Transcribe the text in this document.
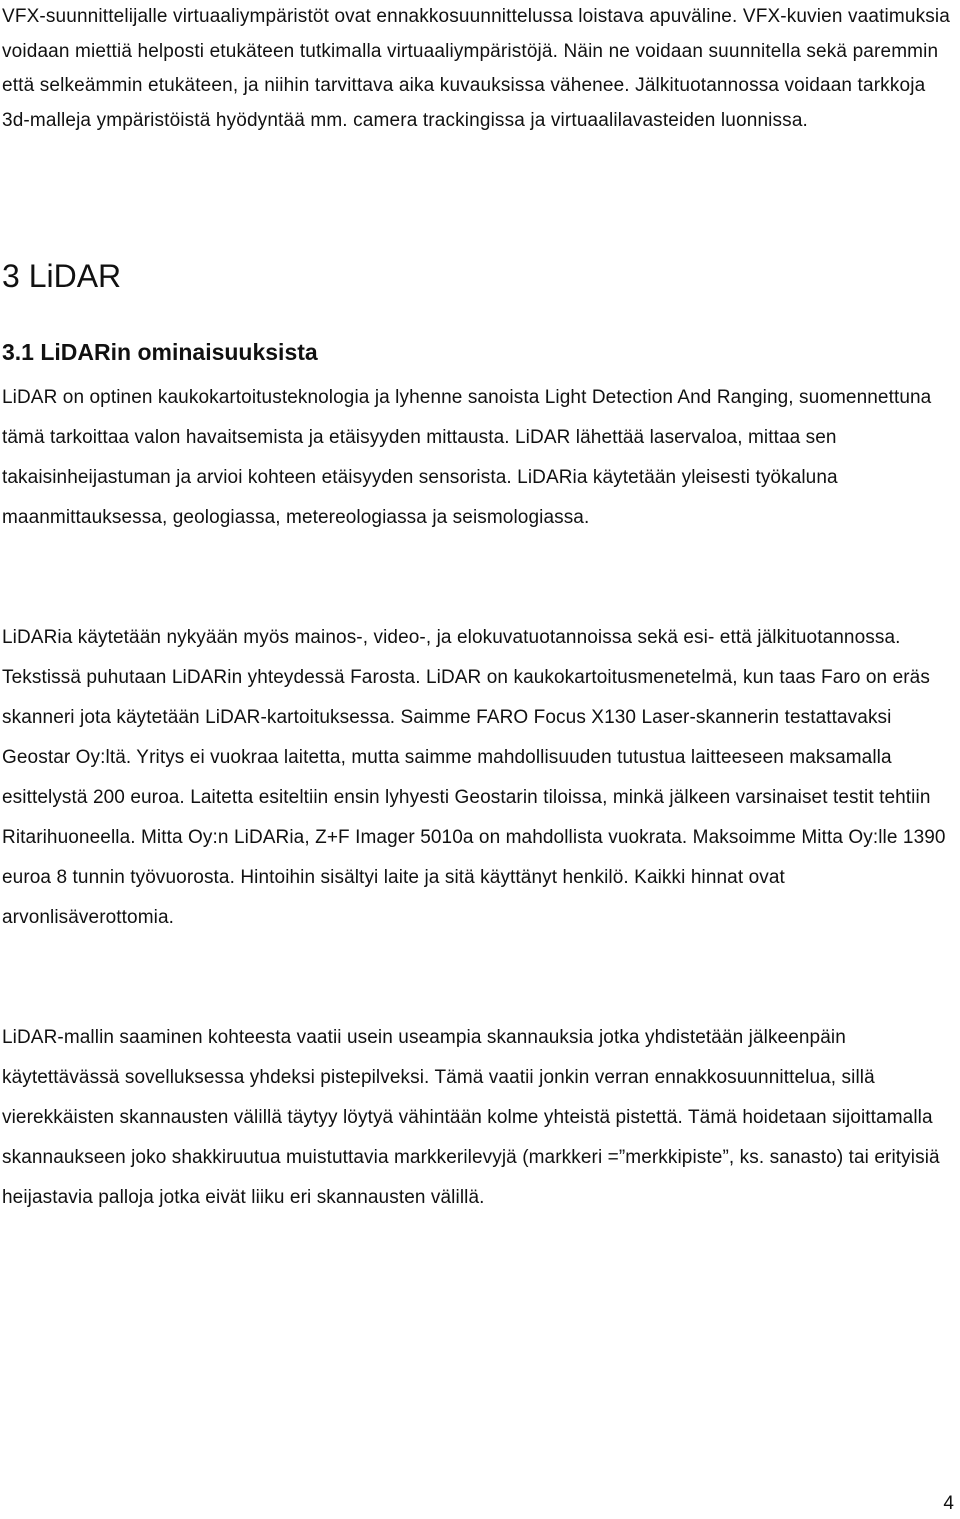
VFX-suunnittelijalle virtuaaliympäristöt ovat ennakkosuunnittelussa loistava apuväline. VFX-kuvien vaatimuksia voidaan miettiä helposti etukäteen tutkimalla virtuaaliympäristöjä. Näin ne voidaan suunnitella sekä paremmin että selkeämmin etukäteen, ja niihin tarvittava aika kuvauksissa vähenee. Jälkituotannossa voidaan tarkkoja 3d-malleja ympäristöistä hyödyntää mm. camera trackingissa ja virtuaalilavasteiden luonnissa.

3 LiDAR
3.1 LiDARin ominaisuuksista

LiDAR on optinen kaukokartoitusteknologia ja lyhenne sanoista Light Detection And Ranging, suomennettuna tämä tarkoittaa valon havaitsemista ja etäisyyden mittausta. LiDAR lähettää laservaloa, mittaa sen takaisinheijastuman ja arvioi kohteen etäisyyden sensorista. LiDARia käytetään yleisesti työkaluna maanmittauksessa, geologiassa, metereologiassa ja seismologiassa.

LiDARia käytetään nykyään myös mainos-, video-, ja elokuvatuotannoissa sekä esi- että jälkituotannossa. Tekstissä puhutaan LiDARin yhteydessä Farosta. LiDAR on kaukokartoitusmenetelmä, kun taas Faro on eräs skanneri jota käytetään LiDAR-kartoituksessa. Saimme FARO Focus X130 Laser-skannerin testattavaksi Geostar Oy:ltä. Yritys ei vuokraa laitetta, mutta saimme mahdollisuuden tutustua laitteeseen maksamalla esittelystä 200 euroa. Laitetta esiteltiin ensin lyhyesti Geostarin tiloissa, minkä jälkeen varsinaiset testit tehtiin Ritarihuoneella. Mitta Oy:n LiDARia, Z+F Imager 5010a on mahdollista vuokrata. Maksoimme Mitta Oy:lle 1390 euroa 8 tunnin työvuorosta. Hintoihin sisältyi laite ja sitä käyttänyt henkilö. Kaikki hinnat ovat arvonlisäverottomia.

LiDAR-mallin saaminen kohteesta vaatii usein useampia skannauksia jotka yhdistetään jälkeenpäin käytettävässä sovelluksessa yhdeksi pistepilveksi. Tämä vaatii jonkin verran ennakkosuunnittelua, sillä vierekkäisten skannausten välillä täytyy löytyä vähintään kolme yhteistä pistettä. Tämä hoidetaan sijoittamalla skannaukseen joko shakkiruutua muistuttavia markkerilevyjä (markkeri =”merkkipiste”, ks. sanasto) tai erityisiä heijastavia palloja jotka eivät liiku eri skannausten välillä.

4
